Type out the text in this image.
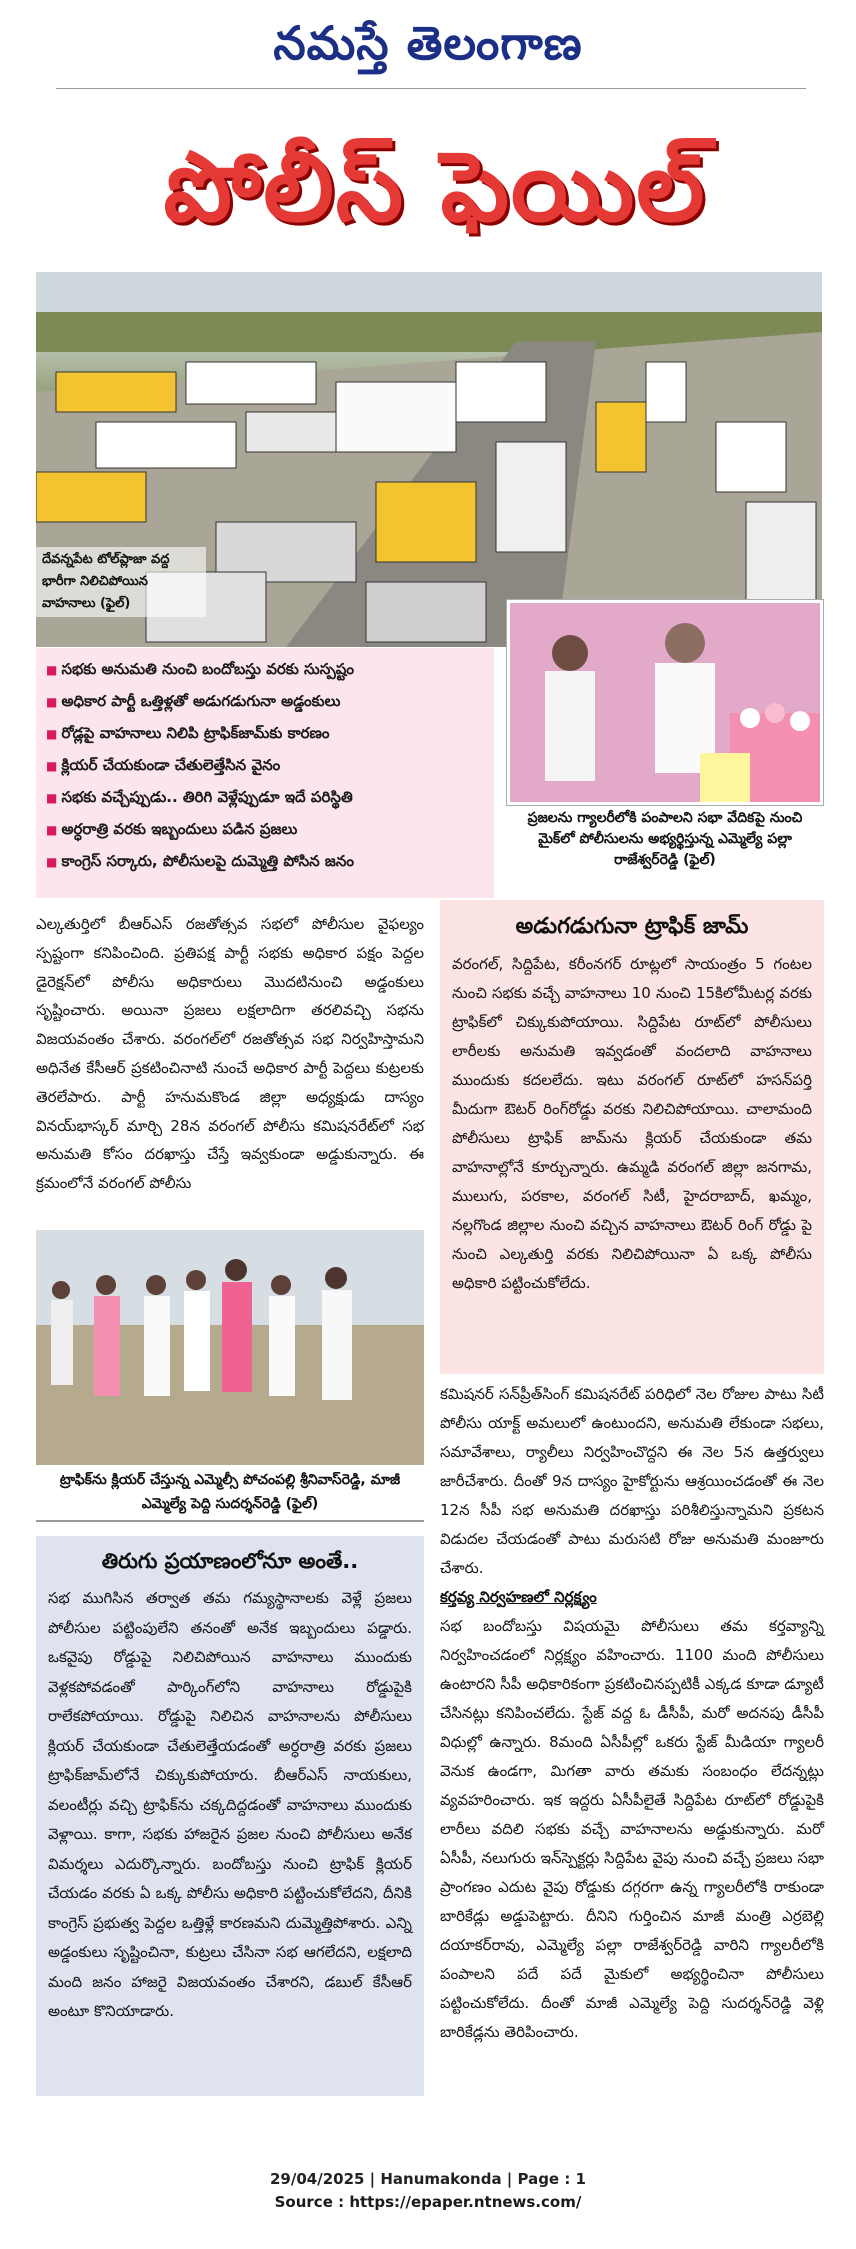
నమస్తే తెలంగాణ
పోలీస్ ఫెయిల్
దేవన్నపేట టోల్‌ప్లాజా వద్ద భారీగా నిలిచిపోయిన వాహనాలు (ఫైల్)
■ సభకు అనుమతి నుంచి బందోబస్తు వరకు సుస్పష్టం
■ అధికార పార్టీ ఒత్తిళ్లతో అడుగడుగునా అడ్డంకులు
■ రోడ్లపై వాహనాలు నిలిపి ట్రాఫిక్‌జామ్‌కు కారణం
■ క్లియర్ చేయకుండా చేతులెత్తేసిన వైనం
■ సభకు వచ్చేప్పుడు.. తిరిగి వెళ్లేప్పుడూ ఇదే పరిస్థితి
■ అర్ధరాత్రి వరకు ఇబ్బందులు పడిన ప్రజలు
■ కాంగ్రెస్ సర్కారు, పోలీసులపై దుమ్మెత్తి పోసిన జనం
ప్రజలను గ్యాలరీలోకి పంపాలని సభా వేదికపై నుంచి మైక్‌లో పోలీసులను అభ్యర్థిస్తున్న ఎమ్మెల్యే పల్లా రాజేశ్వర్‌రెడ్డి (ఫైల్)
ఎల్కతుర్తిలో బీఆర్‌ఎస్ రజతోత్సవ సభలో పోలీసుల వైఫల్యం స్పష్టంగా కనిపించింది. ప్రతిపక్ష పార్టీ సభకు అధికార పక్షం పెద్దల డైరెక్షన్‌లో పోలీసు అధికారులు మొదటినుంచి అడ్డంకులు సృష్టించారు. అయినా ప్రజలు లక్షలాదిగా తరలివచ్చి సభను విజయవంతం చేశారు. వరంగల్‌లో రజతోత్సవ సభ నిర్వహిస్తామని అధినేత కేసీఆర్ ప్రకటించినాటి నుంచే అధికార పార్టీ పెద్దలు కుట్రలకు తెరలేపారు. పార్టీ హనుమకొండ జిల్లా అధ్యక్షుడు దాస్యం వినయ్‌భాస్కర్ మార్చి 28న వరంగల్ పోలీసు కమిషనరేట్‌లో సభ అనుమతి కోసం దరఖాస్తు చేస్తే ఇవ్వకుండా అడ్డుకున్నారు. ఈ క్రమంలోనే వరంగల్ పోలీసు
అడుగడుగునా ట్రాఫిక్ జామ్
వరంగల్, సిద్దిపేట, కరీంనగర్ రూట్లలో సాయంత్రం 5 గంటల నుంచి సభకు వచ్చే వాహనాలు 10 నుంచి 15కిలోమీటర్ల వరకు ట్రాఫిక్‌లో చిక్కుకుపోయాయి. సిద్దిపేట రూట్‌లో పోలీసులు లారీలకు అనుమతి ఇవ్వడంతో వందలాది వాహనాలు ముందుకు కదలలేదు. ఇటు వరంగల్ రూట్‌లో హసన్‌పర్తి మీదుగా ఔటర్ రింగ్‌రోడ్డు వరకు నిలిచిపోయాయి. చాలామంది పోలీసులు ట్రాఫిక్ జామ్‌ను క్లియర్ చేయకుండా తమ వాహనాల్లోనే కూర్చున్నారు. ఉమ్మడి వరంగల్ జిల్లా జనగామ, ములుగు, పరకాల, వరంగల్ సిటీ, హైదరాబాద్, ఖమ్మం, నల్లగొండ జిల్లాల నుంచి వచ్చిన వాహనాలు ఔటర్ రింగ్ రోడ్డు పై నుంచి ఎల్కతుర్తి వరకు నిలిచిపోయినా ఏ ఒక్క పోలీసు అధికారి పట్టించుకోలేదు.
ట్రాఫిక్‌ను క్లియర్ చేస్తున్న ఎమ్మెల్సీ పోచంపల్లి శ్రీనివాస్‌రెడ్డి, మాజీ ఎమ్మెల్యే పెద్ది సుదర్శన్‌రెడ్డి (ఫైల్)
తిరుగు ప్రయాణంలోనూ అంతే..
సభ ముగిసిన తర్వాత తమ గమ్యస్థానాలకు వెళ్లే ప్రజలు పోలీసుల పట్టింపులేని తనంతో అనేక ఇబ్బందులు పడ్డారు. ఒకవైపు రోడ్డుపై నిలిచిపోయిన వాహనాలు ముందుకు వెళ్లకపోవడంతో పార్కింగ్‌లోని వాహనాలు రోడ్డుపైకి రాలేకపోయాయి. రోడ్డుపై నిలిచిన వాహనాలను పోలీసులు క్లియర్ చేయకుండా చేతులెత్తేయడంతో అర్ధరాత్రి వరకు ప్రజలు ట్రాఫిక్‌జామ్‌లోనే చిక్కుకుపోయారు. బీఆర్‌ఎస్ నాయకులు, వలంటీర్లు వచ్చి ట్రాఫిక్‌ను చక్కదిద్దడంతో వాహనాలు ముందుకు వెళ్లాయి. కాగా, సభకు హాజరైన ప్రజల నుంచి పోలీసులు అనేక విమర్శలు ఎదుర్కొన్నారు. బందోబస్తు నుంచి ట్రాఫిక్ క్లియర్ చేయడం వరకు ఏ ఒక్క పోలీసు అధికారి పట్టించుకోలేదని, దీనికి కాంగ్రెస్ ప్రభుత్వ పెద్దల ఒత్తిళ్లే కారణమని దుమ్మెత్తిపోశారు. ఎన్ని అడ్డంకులు సృష్టించినా, కుట్రలు చేసినా సభ ఆగలేదని, లక్షలాది మంది జనం హాజరై విజయవంతం చేశారని, డబుల్ కేసీఆర్ అంటూ కొనియాడారు.

కమిషనర్ సన్‌ప్రీత్‌సింగ్ కమిషనరేట్ పరిధిలో నెల రోజుల పాటు సిటీ పోలీసు యాక్ట్ అమలులో ఉంటుందని, అనుమతి లేకుండా సభలు, సమావేశాలు, ర్యాలీలు నిర్వహించొద్దని ఈ నెల 5న ఉత్తర్వులు జారీచేశారు. దీంతో 9న దాస్యం హైకోర్టును ఆశ్రయించడంతో ఈ నెల 12న సీపీ సభ అనుమతి దరఖాస్తు పరిశీలిస్తున్నామని ప్రకటన విడుదల చేయడంతో పాటు మరుసటి రోజు అనుమతి మంజూరు చేశారు.

కర్తవ్య నిర్వహణలో నిర్లక్ష్యం

సభ బందోబస్తు విషయమై పోలీసులు తమ కర్తవ్యాన్ని నిర్వహించడంలో నిర్లక్ష్యం వహించారు. 1100 మంది పోలీసులు ఉంటారని సీపీ అధికారికంగా ప్రకటించినప్పటికీ ఎక్కడ కూడా డ్యూటీ చేసినట్లు కనిపించలేదు. స్టేజ్ వద్ద ఓ డీసీపీ, మరో అదనపు డీసీపీ విధుల్లో ఉన్నారు. 8మంది ఏసీపీల్లో ఒకరు స్టేజ్ మీడియా గ్యాలరీ వెనుక ఉండగా, మిగతా వారు తమకు సంబంధం లేదన్నట్లు వ్యవహరించారు. ఇక ఇద్దరు ఏసీపీలైతే సిద్దిపేట రూట్‌లో రోడ్డుపైకి లారీలు వదిలి సభకు వచ్చే వాహనాలను అడ్డుకున్నారు. మరో ఏసీపీ, నలుగురు ఇన్‌స్పెక్టర్లు సిద్దిపేట వైపు నుంచి వచ్చే ప్రజలు సభా ప్రాంగణం ఎదుట వైపు రోడ్డుకు దగ్గరగా ఉన్న గ్యాలరీలోకి రాకుండా బారికేడ్లు అడ్డుపెట్టారు. దీనిని గుర్తించిన మాజీ మంత్రి ఎర్రబెల్లి దయాకర్‌రావు, ఎమ్మెల్యే పల్లా రాజేశ్వర్‌రెడ్డి వారిని గ్యాలరీలోకి పంపాలని పదే పదే మైకులో అభ్యర్థించినా పోలీసులు పట్టించుకోలేదు. దీంతో మాజీ ఎమ్మెల్యే పెద్ది సుదర్శన్‌రెడ్డి వెళ్లి బారికేడ్లను తెరిపించారు.

29/04/2025 | Hanumakonda | Page : 1
Source : https://epaper.ntnews.com/
